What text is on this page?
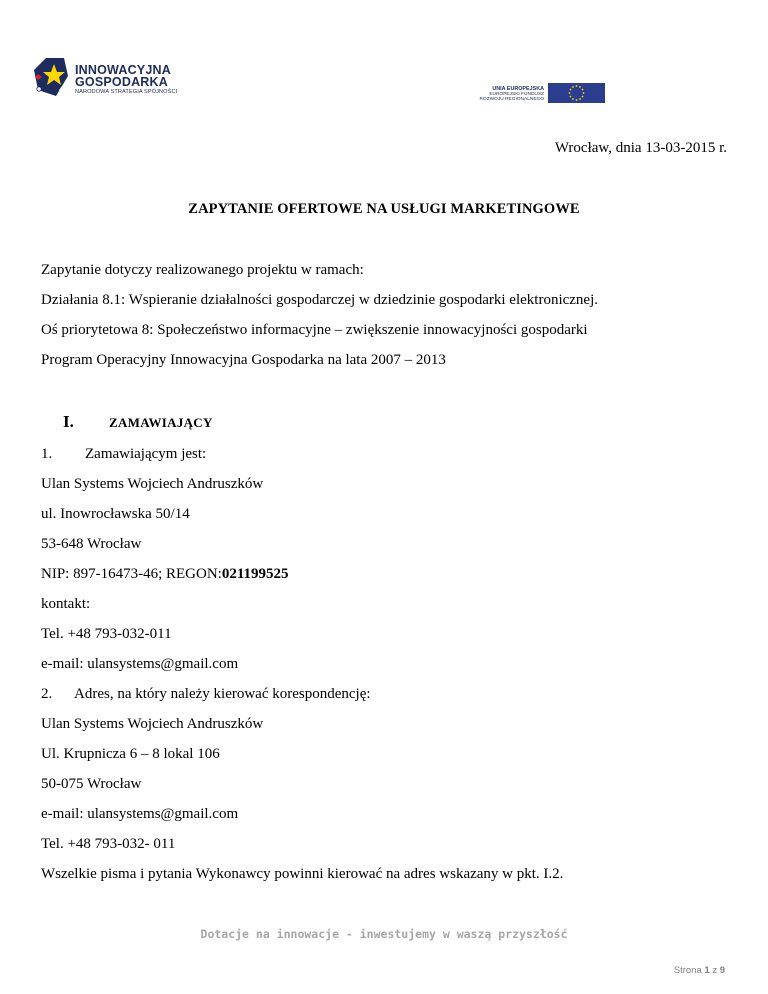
INNOWACYJNA
GOSPODARKA
NARODOWA STRATEGIA SPÓJNOŚCI	UNIA EUROPEJSKA
EUROPEJSKI FUNDUSZ
ROZWOJU REGIONALNEGO
Wrocław, dnia 13-03-2015 r.
ZAPYTANIE OFERTOWE NA USŁUGI MARKETINGOWE
Zapytanie dotyczy realizowanego projektu w ramach:
Działania 8.1: Wspieranie działalności gospodarczej w dziedzinie gospodarki elektronicznej.
Oś priorytetowa 8: Społeczeństwo informacyjne – zwiększenie innowacyjności gospodarki
Program Operacyjny Innowacyjna Gospodarka na lata 2007 – 2013
I.	ZAMAWIAJĄCY
1. Zamawiającym jest:
Ulan Systems Wojciech Andruszków
ul. Inowrocławska 50/14
53-648 Wrocław
NIP: 897-16473-46; REGON:021199525
kontakt:
Tel. +48 793-032-011
e-mail: ulansystems@gmail.com
2. Adres, na który należy kierować korespondencję:
Ulan Systems Wojciech Andruszków
Ul. Krupnicza 6 – 8 lokal 106
50-075 Wrocław
e-mail: ulansystems@gmail.com
Tel. +48 793-032- 011
Wszelkie pisma i pytania Wykonawcy powinni kierować na adres wskazany w pkt. I.2.
Dotacje na innowacje - inwestujemy w waszą przyszłość
Strona 1 z 9
